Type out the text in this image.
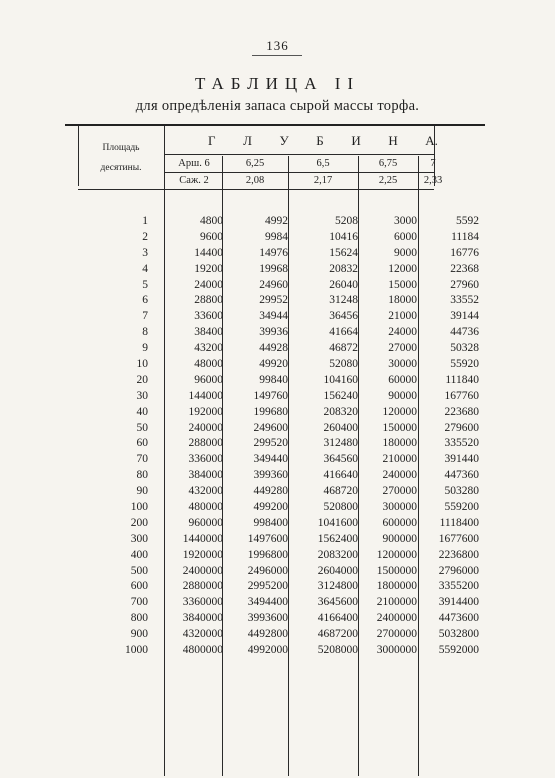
136
ТАБЛИЦА II
для опредѣленія запаса сырой массы торфа.
Площадь
десятины.
Г Л У Б И Н А.
Арш. 6	6,25	6,5	6,75	7
Саж. 2	2,08	2,17	2,25	2,33
1	4800	4992	5208	3000	5592
2	9600	9984	10416	6000	11184
3	14400	14976	15624	9000	16776
4	19200	19968	20832	12000	22368
5	24000	24960	26040	15000	27960
6	28800	29952	31248	18000	33552
7	33600	34944	36456	21000	39144
8	38400	39936	41664	24000	44736
9	43200	44928	46872	27000	50328
10	48000	49920	52080	30000	55920
20	96000	99840	104160	60000	111840
30	144000	149760	156240	90000	167760
40	192000	199680	208320	120000	223680
50	240000	249600	260400	150000	279600
60	288000	299520	312480	180000	335520
70	336000	349440	364560	210000	391440
80	384000	399360	416640	240000	447360
90	432000	449280	468720	270000	503280
100	480000	499200	520800	300000	559200
200	960000	998400	1041600	600000	1118400
300	1440000	1497600	1562400	900000	1677600
400	1920000	1996800	2083200	1200000	2236800
500	2400000	2496000	2604000	1500000	2796000
600	2880000	2995200	3124800	1800000	3355200
700	3360000	3494400	3645600	2100000	3914400
800	3840000	3993600	4166400	2400000	4473600
900	4320000	4492800	4687200	2700000	5032800
1000	4800000	4992000	5208000	3000000	5592000
